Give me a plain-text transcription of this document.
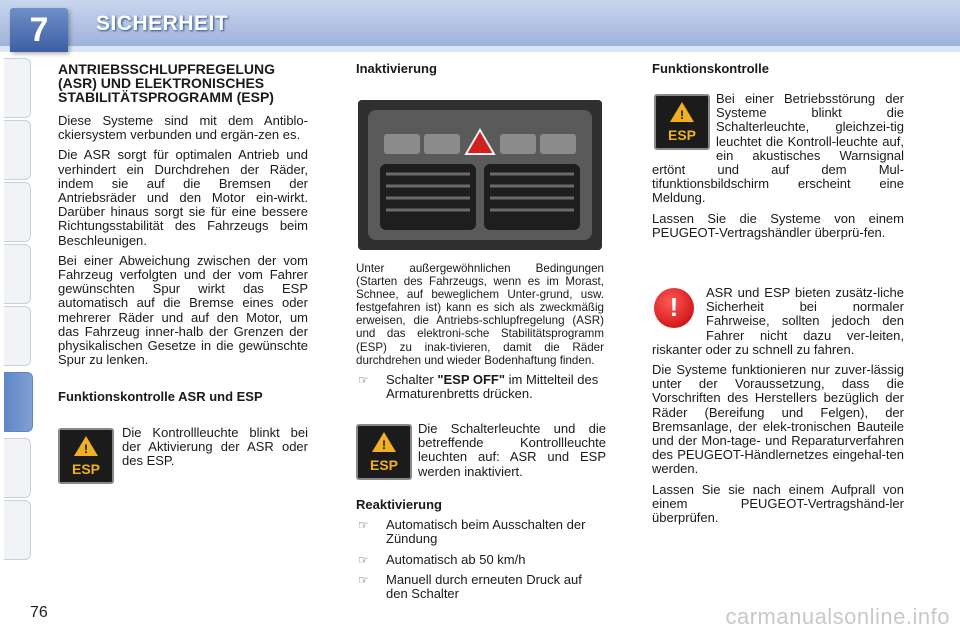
7	SICHERHEIT
ANTRIEBSSCHLUPFREGELUNG (ASR) UND ELEKTRONISCHES STABILITÄTSPROGRAMM (ESP)

Diese Systeme sind mit dem Antiblo-ckiersystem verbunden und ergän-zen es.

Die ASR sorgt für optimalen Antrieb und verhindert ein Durchdrehen der Räder, indem sie auf die Bremsen der Antriebsräder und den Motor ein-wirkt. Darüber hinaus sorgt sie für eine bessere Richtungsstabilität des Fahrzeugs beim Beschleunigen.

Bei einer Abweichung zwischen der vom Fahrzeug verfolgten und der vom Fahrer gewünschten Spur wirkt das ESP automatisch auf die Bremse eines oder mehrerer Räder und auf den Motor, um das Fahrzeug inner-halb der Grenzen der physikalischen Gesetze in die gewünschte Spur zu lenken.

Funktionskontrolle ASR und ESP
!
ESP

Die Kontrollleuchte blinkt bei der Aktivierung der ASR oder des ESP.

Inaktivierung

Unter außergewöhnlichen Bedingungen (Starten des Fahrzeugs, wenn es im Morast, Schnee, auf beweglichem Unter-grund, usw. festgefahren ist) kann es sich als zweckmäßig erweisen, die Antriebs-schlupfregelung (ASR) und das elektroni-sche Stabilitätsprogramm (ESP) zu inak-tivieren, damit die Räder durchdrehen und wieder Bodenhaftung finden.

☞ Schalter "ESP OFF" im Mittelteil des Armaturenbretts drücken.
!
ESP

Die Schalterleuchte und die betreffende Kontrollleuchte leuchten auf: ASR und ESP werden inaktiviert.

Reaktivierung
☞ Automatisch beim Ausschalten der Zündung
☞ Automatisch ab 50 km/h
☞ Manuell durch erneuten Druck auf den Schalter
Funktionskontrolle
!
ESP

Bei einer Betriebsstörung der Systeme blinkt die Schalterleuchte, gleichzei-tig leuchtet die Kontroll-leuchte auf, ein akustisches Warnsignal ertönt und auf dem Mul-tifunktionsbildschirm erscheint eine Meldung.

Lassen Sie die Systeme von einem PEUGEOT-Vertragshändler überprü-fen.

!	ASR und ESP bieten zusätz-liche Sicherheit bei normaler Fahrweise, sollten jedoch den Fahrer nicht dazu ver-leiten, riskanter oder zu schnell zu fahren.

Die Systeme funktionieren nur zuver-lässig unter der Voraussetzung, dass die Vorschriften des Herstellers bezüglich der Räder (Bereifung und Felgen), der Bremsanlage, der elek-tronischen Bauteile und der Mon-tage- und Reparaturverfahren des PEUGEOT-Händlernetzes eingehal-ten werden.

Lassen Sie sie nach einem Aufprall von einem PEUGEOT-Vertragshänd-ler überprüfen.

76	carmanualsonline.info
